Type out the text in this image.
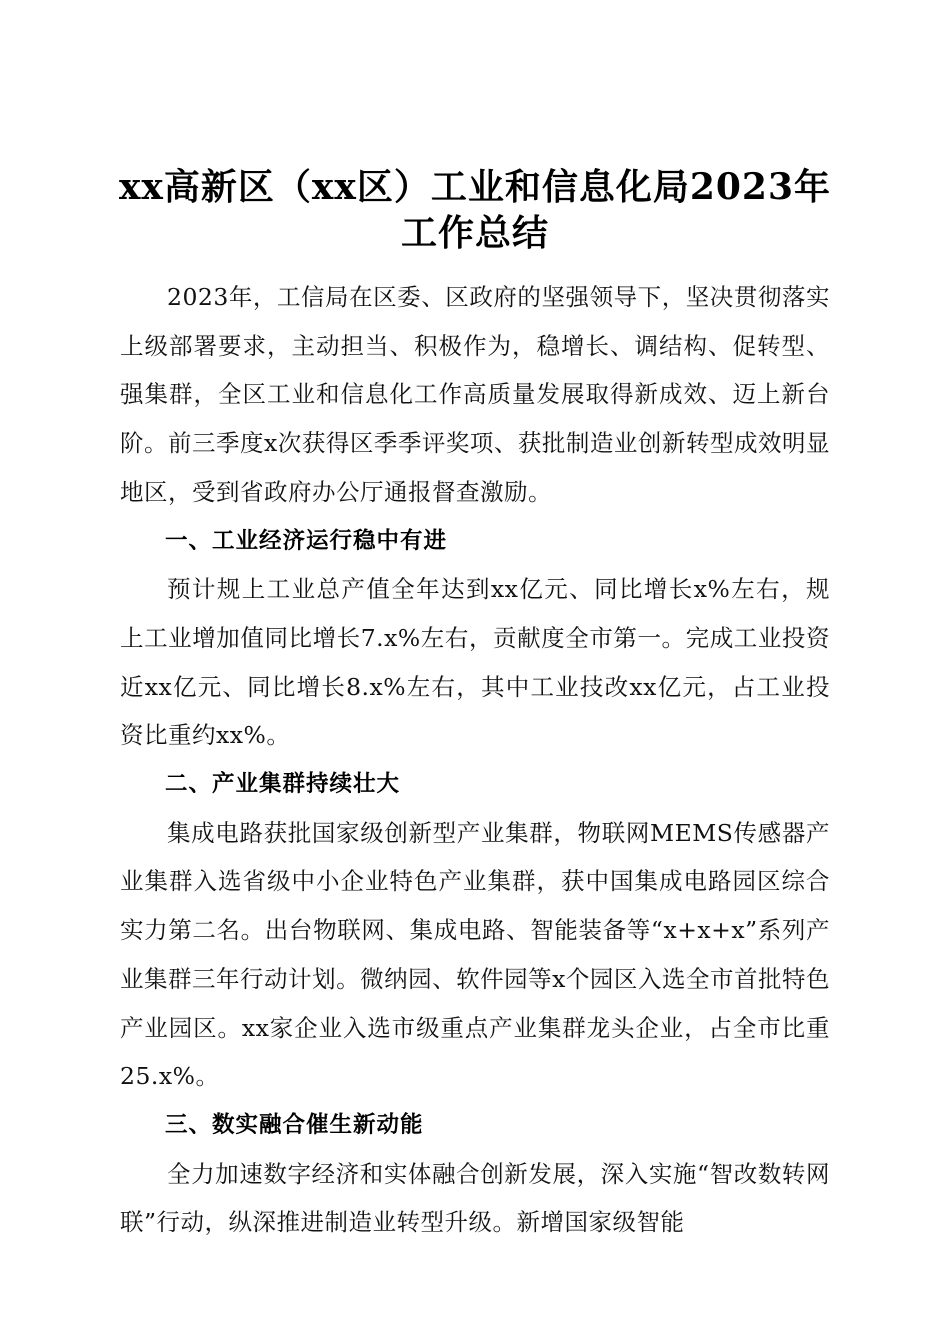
xx高新区（xx区）工业和信息化局2023年工作总结

2023年，工信局在区委、区政府的坚强领导下，坚决贯彻落实上级部署要求，主动担当、积极作为，稳增长、调结构、促转型、强集群，全区工业和信息化工作高质量发展取得新成效、迈上新台阶。前三季度x次获得区季季评奖项、获批制造业创新转型成效明显地区，受到省政府办公厅通报督查激励。

一、工业经济运行稳中有进

预计规上工业总产值全年达到xx亿元、同比增长x%左右，规上工业增加值同比增长7.x%左右，贡献度全市第一。完成工业投资近xx亿元、同比增长8.x%左右，其中工业技改xx亿元，占工业投资比重约xx%。

二、产业集群持续壮大

集成电路获批国家级创新型产业集群，物联网MEMS传感器产业集群入选省级中小企业特色产业集群，获中国集成电路园区综合实力第二名。出台物联网、集成电路、智能装备等“x+x+x”系列产业集群三年行动计划。微纳园、软件园等x个园区入选全市首批特色产业园区。xx家企业入选市级重点产业集群龙头企业，占全市比重25.x%。

三、数实融合催生新动能

全力加速数字经济和实体融合创新发展，深入实施“智改数转网联”行动，纵深推进制造业转型升级。新增国家级智能
